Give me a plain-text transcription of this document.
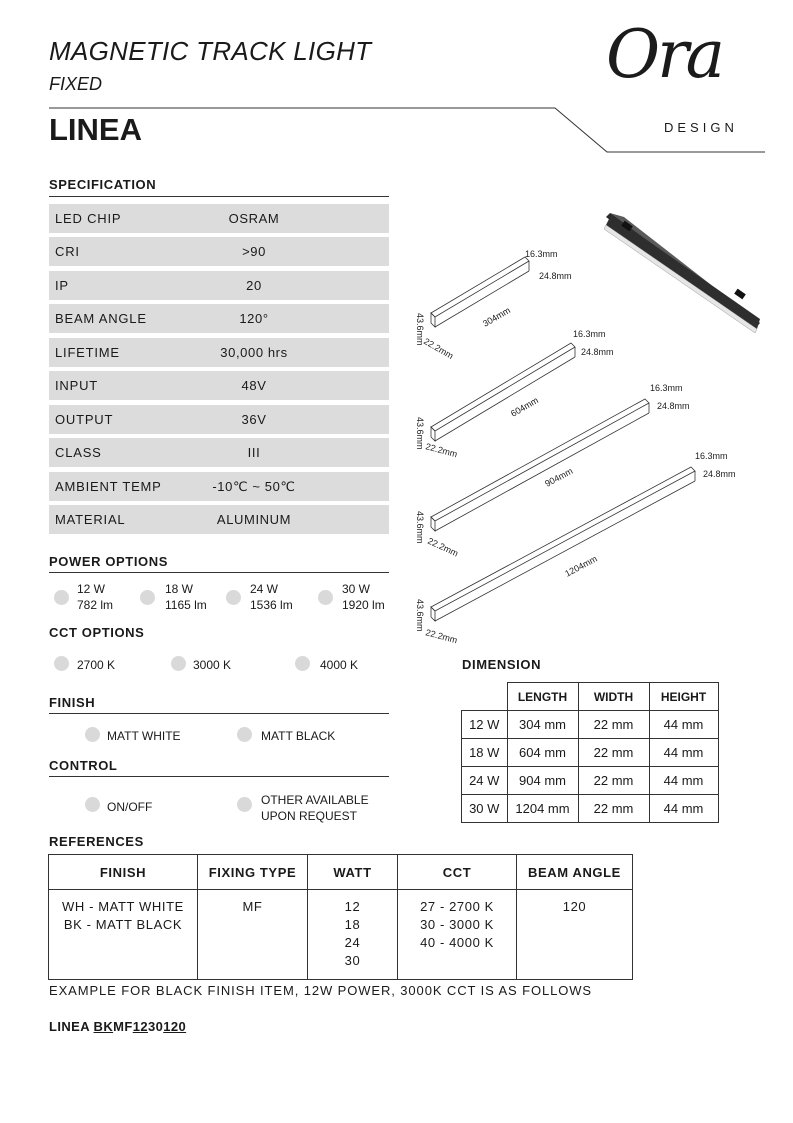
MAGNETIC TRACK LIGHT
FIXED
LINEA
Ora
DESIGN
SPECIFICATION
LED CHIP	OSRAM
CRI	>90
IP	20
BEAM ANGLE	120°
LIFETIME	30,000 hrs
INPUT	48V
OUTPUT	36V
CLASS	III
AMBIENT TEMP	-10℃ ~ 50℃
MATERIAL	ALUMINUM
POWER OPTIONS
12 W
782 lm
18 W
1165 lm
24 W
1536 lm
30 W
1920 lm
CCT OPTIONS
2700 K	3000 K	4000 K
FINISH
MATT WHITE	MATT BLACK
CONTROL
ON/OFF	OTHER AVAILABLE
UPON REQUEST
16.3mm
24.8mm
304mm
43.6mm
22.2mm
16.3mm
24.8mm
604mm
43.6mm
22.2mm
16.3mm
24.8mm
904mm
43.6mm
22.2mm
16.3mm
24.8mm
1204mm
43.6mm
22.2mm
DIMENSION
	LENGTH	WIDTH	HEIGHT
12 W	304 mm	22 mm	44 mm
18 W	604 mm	22 mm	44 mm
24 W	904 mm	22 mm	44 mm
30 W	1204 mm	22 mm	44 mm
REFERENCES
FINISH	FIXING TYPE	WATT	CCT	BEAM ANGLE
WH - MATT WHITE
BK - MATT BLACK	MF	12
18
24
30	27 - 2700 K
30 - 3000 K
40 - 4000 K	120
EXAMPLE FOR BLACK FINISH ITEM, 12W POWER, 3000K CCT IS AS FOLLOWS
LINEA BKMF1230120
